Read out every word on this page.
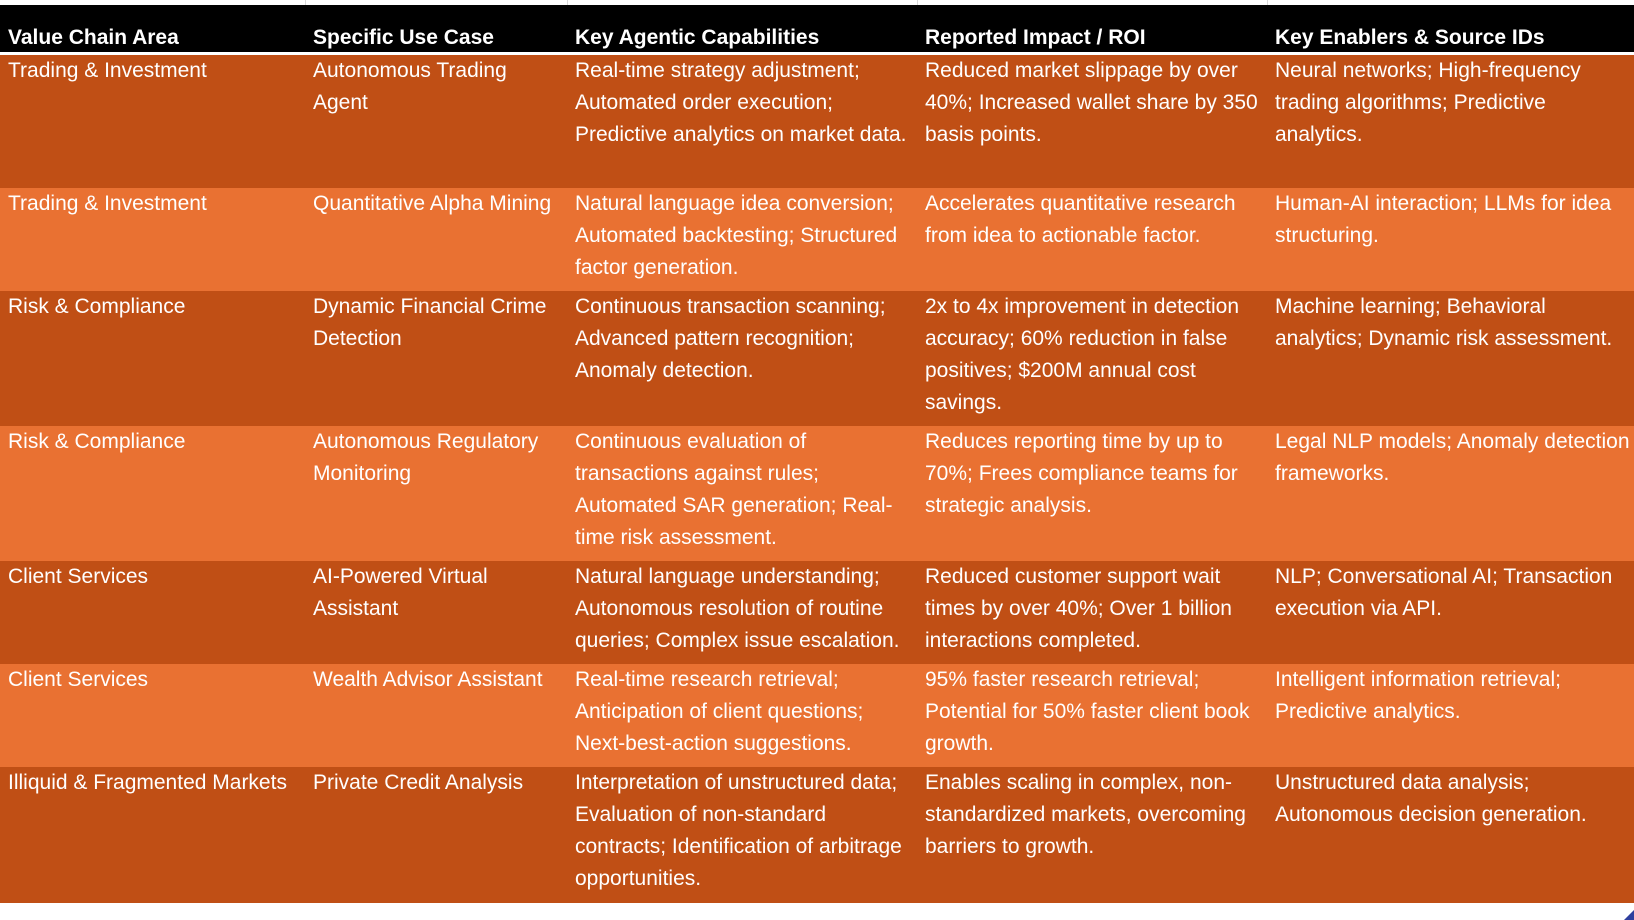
Value Chain Area	Specific Use Case	Key Agentic Capabilities	Reported Impact / ROI	Key Enablers & Source IDs
Trading & Investment	Autonomous Trading Agent	Real-time strategy adjustment; Automated order execution; Predictive analytics on market data.	Reduced market slippage by over 40%; Increased wallet share by 350 basis points.	Neural networks; High-frequency trading algorithms; Predictive analytics.
Trading & Investment	Quantitative Alpha Mining	Natural language idea conversion; Automated backtesting; Structured factor generation.	Accelerates quantitative research from idea to actionable factor.	Human-AI interaction; LLMs for idea structuring.
Risk & Compliance	Dynamic Financial Crime Detection	Continuous transaction scanning; Advanced pattern recognition; Anomaly detection.	2x to 4x improvement in detection accuracy; 60% reduction in false positives; $200M annual cost savings.	Machine learning; Behavioral analytics; Dynamic risk assessment.
Risk & Compliance	Autonomous Regulatory Monitoring	Continuous evaluation of transactions against rules; Automated SAR generation; Real-time risk assessment.	Reduces reporting time by up to 70%; Frees compliance teams for strategic analysis.	Legal NLP models; Anomaly detection frameworks.
Client Services	AI-Powered Virtual Assistant	Natural language understanding; Autonomous resolution of routine queries; Complex issue escalation.	Reduced customer support wait times by over 40%; Over 1 billion interactions completed.	NLP; Conversational AI; Transaction execution via API.
Client Services	Wealth Advisor Assistant	Real-time research retrieval; Anticipation of client questions; Next-best-action suggestions.	95% faster research retrieval; Potential for 50% faster client book growth.	Intelligent information retrieval; Predictive analytics.
Illiquid & Fragmented Markets	Private Credit Analysis	Interpretation of unstructured data; Evaluation of non-standard contracts; Identification of arbitrage opportunities.	Enables scaling in complex, non-standardized markets, overcoming barriers to growth.	Unstructured data analysis; Autonomous decision generation.
